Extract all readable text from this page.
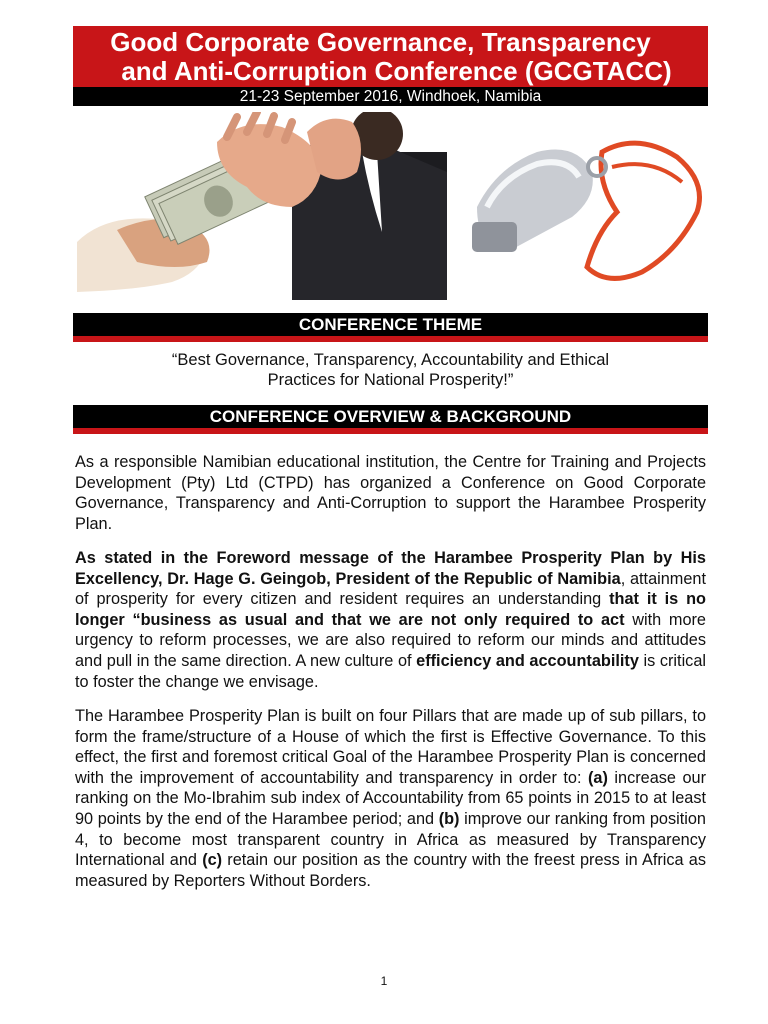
Good Corporate Governance, Transparency
and Anti-Corruption Conference (GCGTACC)
21-23 September 2016, Windhoek, Namibia
CONFERENCE THEME
“Best Governance, Transparency, Accountability and Ethical
Practices for National Prosperity!”
CONFERENCE OVERVIEW & BACKGROUND
As a responsible Namibian educational institution, the Centre for Training and Projects Development (Pty) Ltd (CTPD) has organized a Conference on Good Corporate Governance, Transparency and Anti-Corruption to support the Harambee Prosperity Plan.
As stated in the Foreword message of the Harambee Prosperity Plan by His Excellency, Dr. Hage G. Geingob, President of the Republic of Namibia, attainment of prosperity for every citizen and resident requires an understanding that it is no longer “business as usual and that we are not only required to act with more urgency to reform processes, we are also required to reform our minds and attitudes and pull in the same direction. A new culture of efficiency and accountability is critical to foster the change we envisage.
The Harambee Prosperity Plan is built on four Pillars that are made up of sub pillars, to form the frame/structure of a House of which the first is Effective Governance. To this effect, the first and foremost critical Goal of the Harambee Prosperity Plan is concerned with the improvement of accountability and transparency in order to: (a) increase our ranking on the Mo-Ibrahim sub index of Accountability from 65 points in 2015 to at least 90 points by the end of the Harambee period; and (b) improve our ranking from position 4, to become most transparent country in Africa as measured by Transparency International and (c) retain our position as the country with the freest press in Africa as measured by Reporters Without Borders.
1
